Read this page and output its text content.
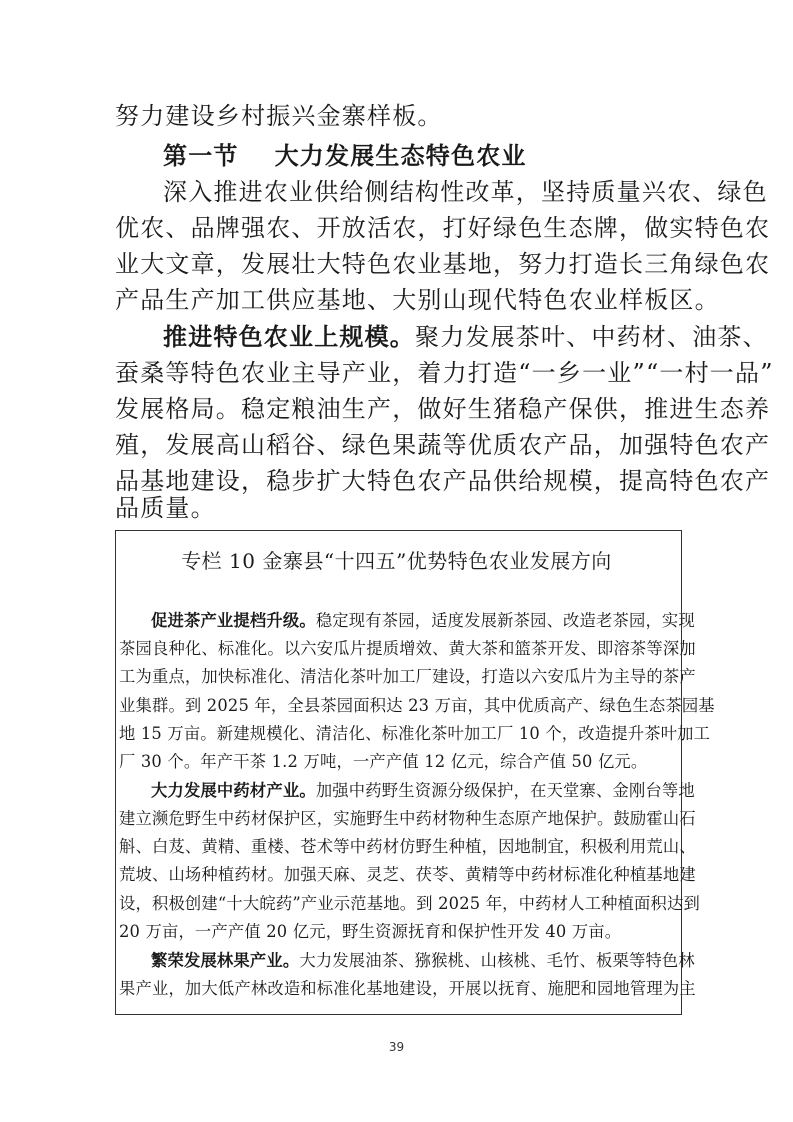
努力建设乡村振兴金寨样板。
第一节 大力发展生态特色农业
深入推进农业供给侧结构性改革，坚持质量兴农、绿色
优农、品牌强农、开放活农，打好绿色生态牌，做实特色农
业大文章，发展壮大特色农业基地，努力打造长三角绿色农
产品生产加工供应基地、大别山现代特色农业样板区。
推进特色农业上规模。聚力发展茶叶、中药材、油茶、
蚕桑等特色农业主导产业，着力打造“一乡一业”“一村一品”
发展格局。稳定粮油生产，做好生猪稳产保供，推进生态养
殖，发展高山稻谷、绿色果蔬等优质农产品，加强特色农产
品基地建设，稳步扩大特色农产品供给规模，提高特色农产
品质量。
专栏 10 金寨县“十四五”优势特色农业发展方向
促进茶产业提档升级。稳定现有茶园，适度发展新茶园、改造老茶园，实现
茶园良种化、标准化。以六安瓜片提质增效、黄大茶和篮茶开发、即溶茶等深加
工为重点，加快标准化、清洁化茶叶加工厂建设，打造以六安瓜片为主导的茶产
业集群。到 2025 年，全县茶园面积达 23 万亩，其中优质高产、绿色生态茶园基
地 15 万亩。新建规模化、清洁化、标准化茶叶加工厂 10 个，改造提升茶叶加工
厂 30 个。年产干茶 1.2 万吨，一产产值 12 亿元，综合产值 50 亿元。
大力发展中药材产业。加强中药野生资源分级保护，在天堂寨、金刚台等地
建立濒危野生中药材保护区，实施野生中药材物种生态原产地保护。鼓励霍山石
斛、白芨、黄精、重楼、苍术等中药材仿野生种植，因地制宜，积极利用荒山、
荒坡、山场种植药材。加强天麻、灵芝、茯苓、黄精等中药材标准化种植基地建
设，积极创建“十大皖药”产业示范基地。到 2025 年，中药材人工种植面积达到
20 万亩，一产产值 20 亿元，野生资源抚育和保护性开发 40 万亩。
繁荣发展林果产业。大力发展油茶、猕猴桃、山核桃、毛竹、板栗等特色林
果产业，加大低产林改造和标准化基地建设，开展以抚育、施肥和园地管理为主
39
